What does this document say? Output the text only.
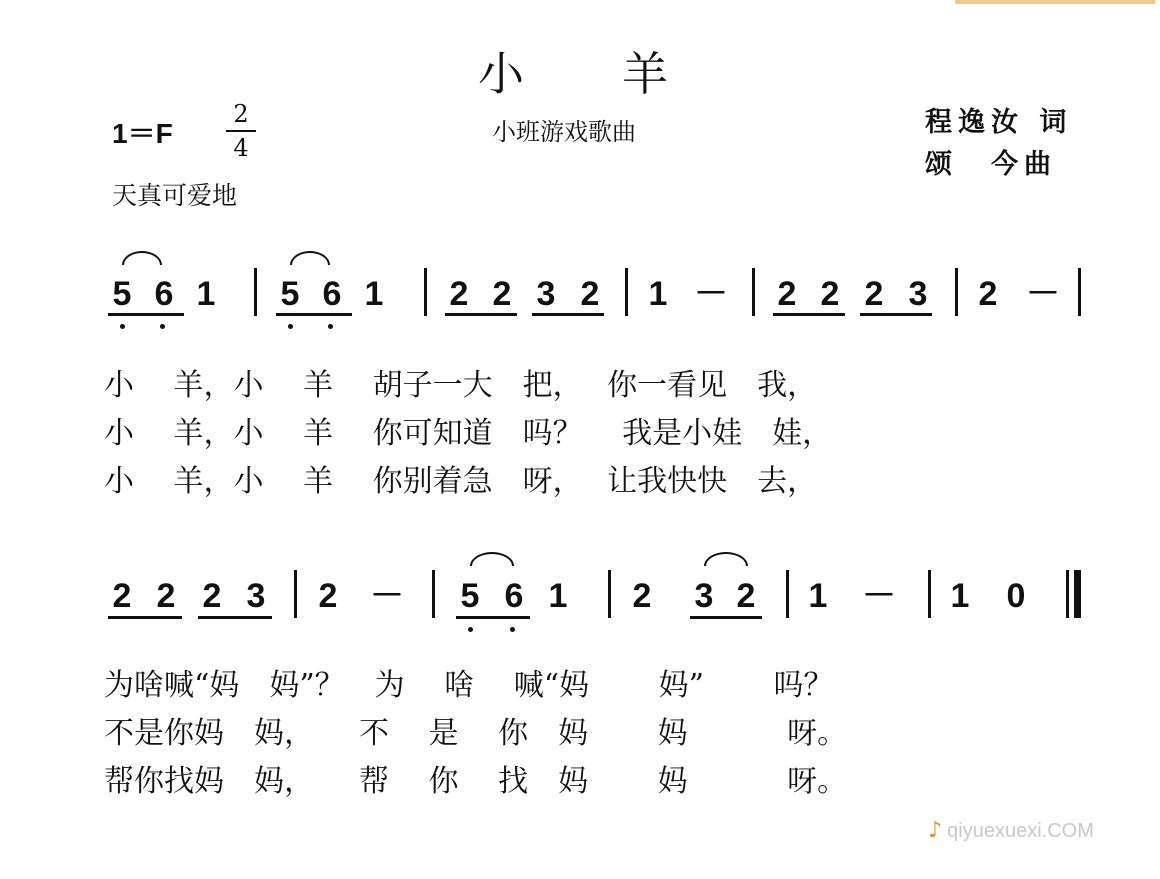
小　　羊
小班游戏歌曲	程逸汝 词
颂　今曲
1＝F
2
4
天真可爱地
5 6 1 5 6 1 2 2 3 2 1 － 2 2 2 3 2 －
小　 羊，小　 羊　 胡子一大　把，　 你一看见　我，
小　 羊，小　 羊　 你可知道　吗？　 我是小娃　娃，
小　 羊，小　 羊　 你别着急　呀，　 让我快快　去，
2 2 2 3 2 － 5 6 1 2 3 2 1 － 1 0
为啥喊“妈　妈”？　为　 啥　 喊“妈　　 妈”　　 吗？
不是你妈　妈，　　不　 是　 你　妈　　 妈　　　 呀。
帮你找妈　妈，　　帮　 你　 找　妈　　 妈　　　 呀。
♪ qiyuexuexi.COM
